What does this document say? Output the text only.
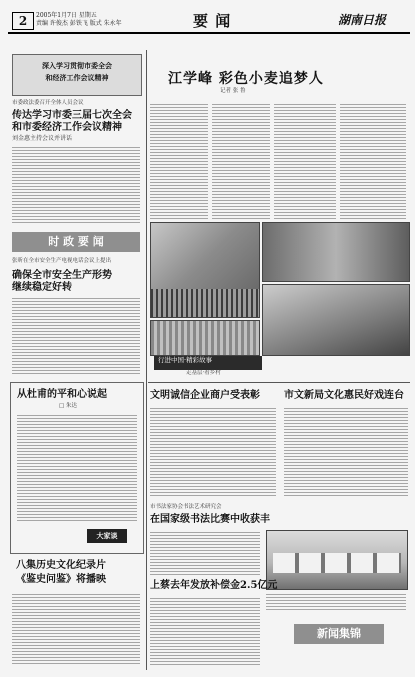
2	2005年1月7日 星期五
责编 许俊杰 彭铁飞 版式 朱永年	要 闻	湖南日报
深入学习贯彻市委全会
和经济工作会议精神
市委政法委召开全体人员会议
传达学习市委三届七次全会
和市委经济工作会议精神
刘金惠主持会议并讲话
时 政 要 闻
张昕在全市安全生产电视电话会议上提出
确保全市安全生产形势
继续稳定好转
从杜甫的平和心说起
□ 朱达
大家谈
八集历史文化纪录片
《鉴史问鉴》将播映
江学峰 彩色小麦追梦人
记者 张 鲁
行进中国·精彩故事
走基层·看乡村
文明诚信企业商户受表彰	市文新局文化惠民好戏连台
市书法家协会书法艺术研究会
在国家级书法比赛中收获丰
上蔡去年发放补偿金2.5亿元
新闻集锦
